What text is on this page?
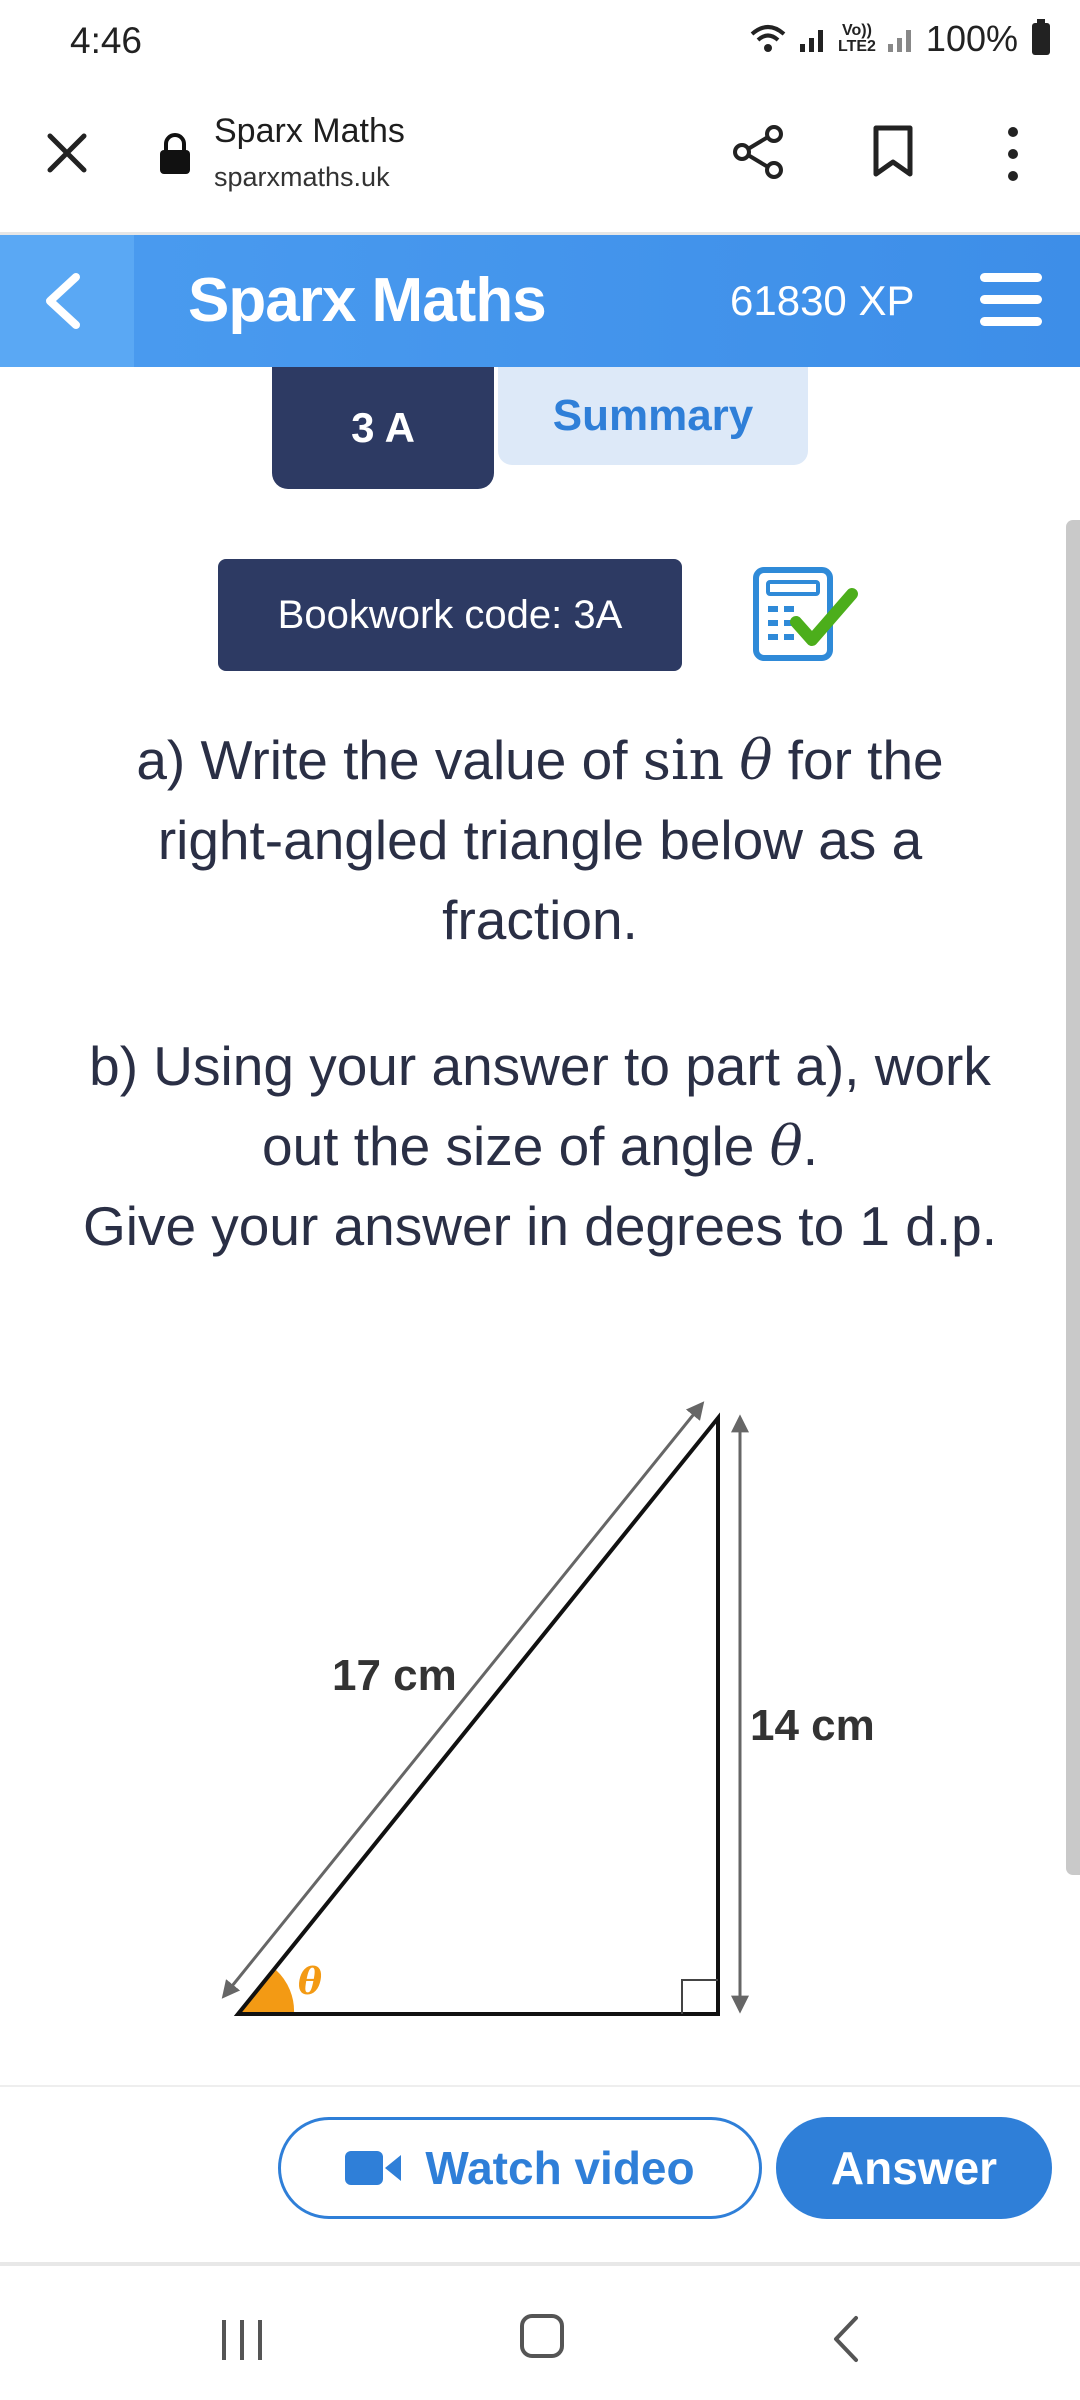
4:46	Vo))
LTE2 100%
Sparx Maths
sparxmaths.uk
Sparx Maths	61830 XP
3 A	Summary
Bookwork code: 3A

a) Write the value of sin θ for the

right-angled triangle below as a

fraction.

b) Using your answer to part a), work

out the size of angle θ.

Give your answer in degrees to 1 d.p.

17 cm
14 cm
θ
Watch video	Answer
